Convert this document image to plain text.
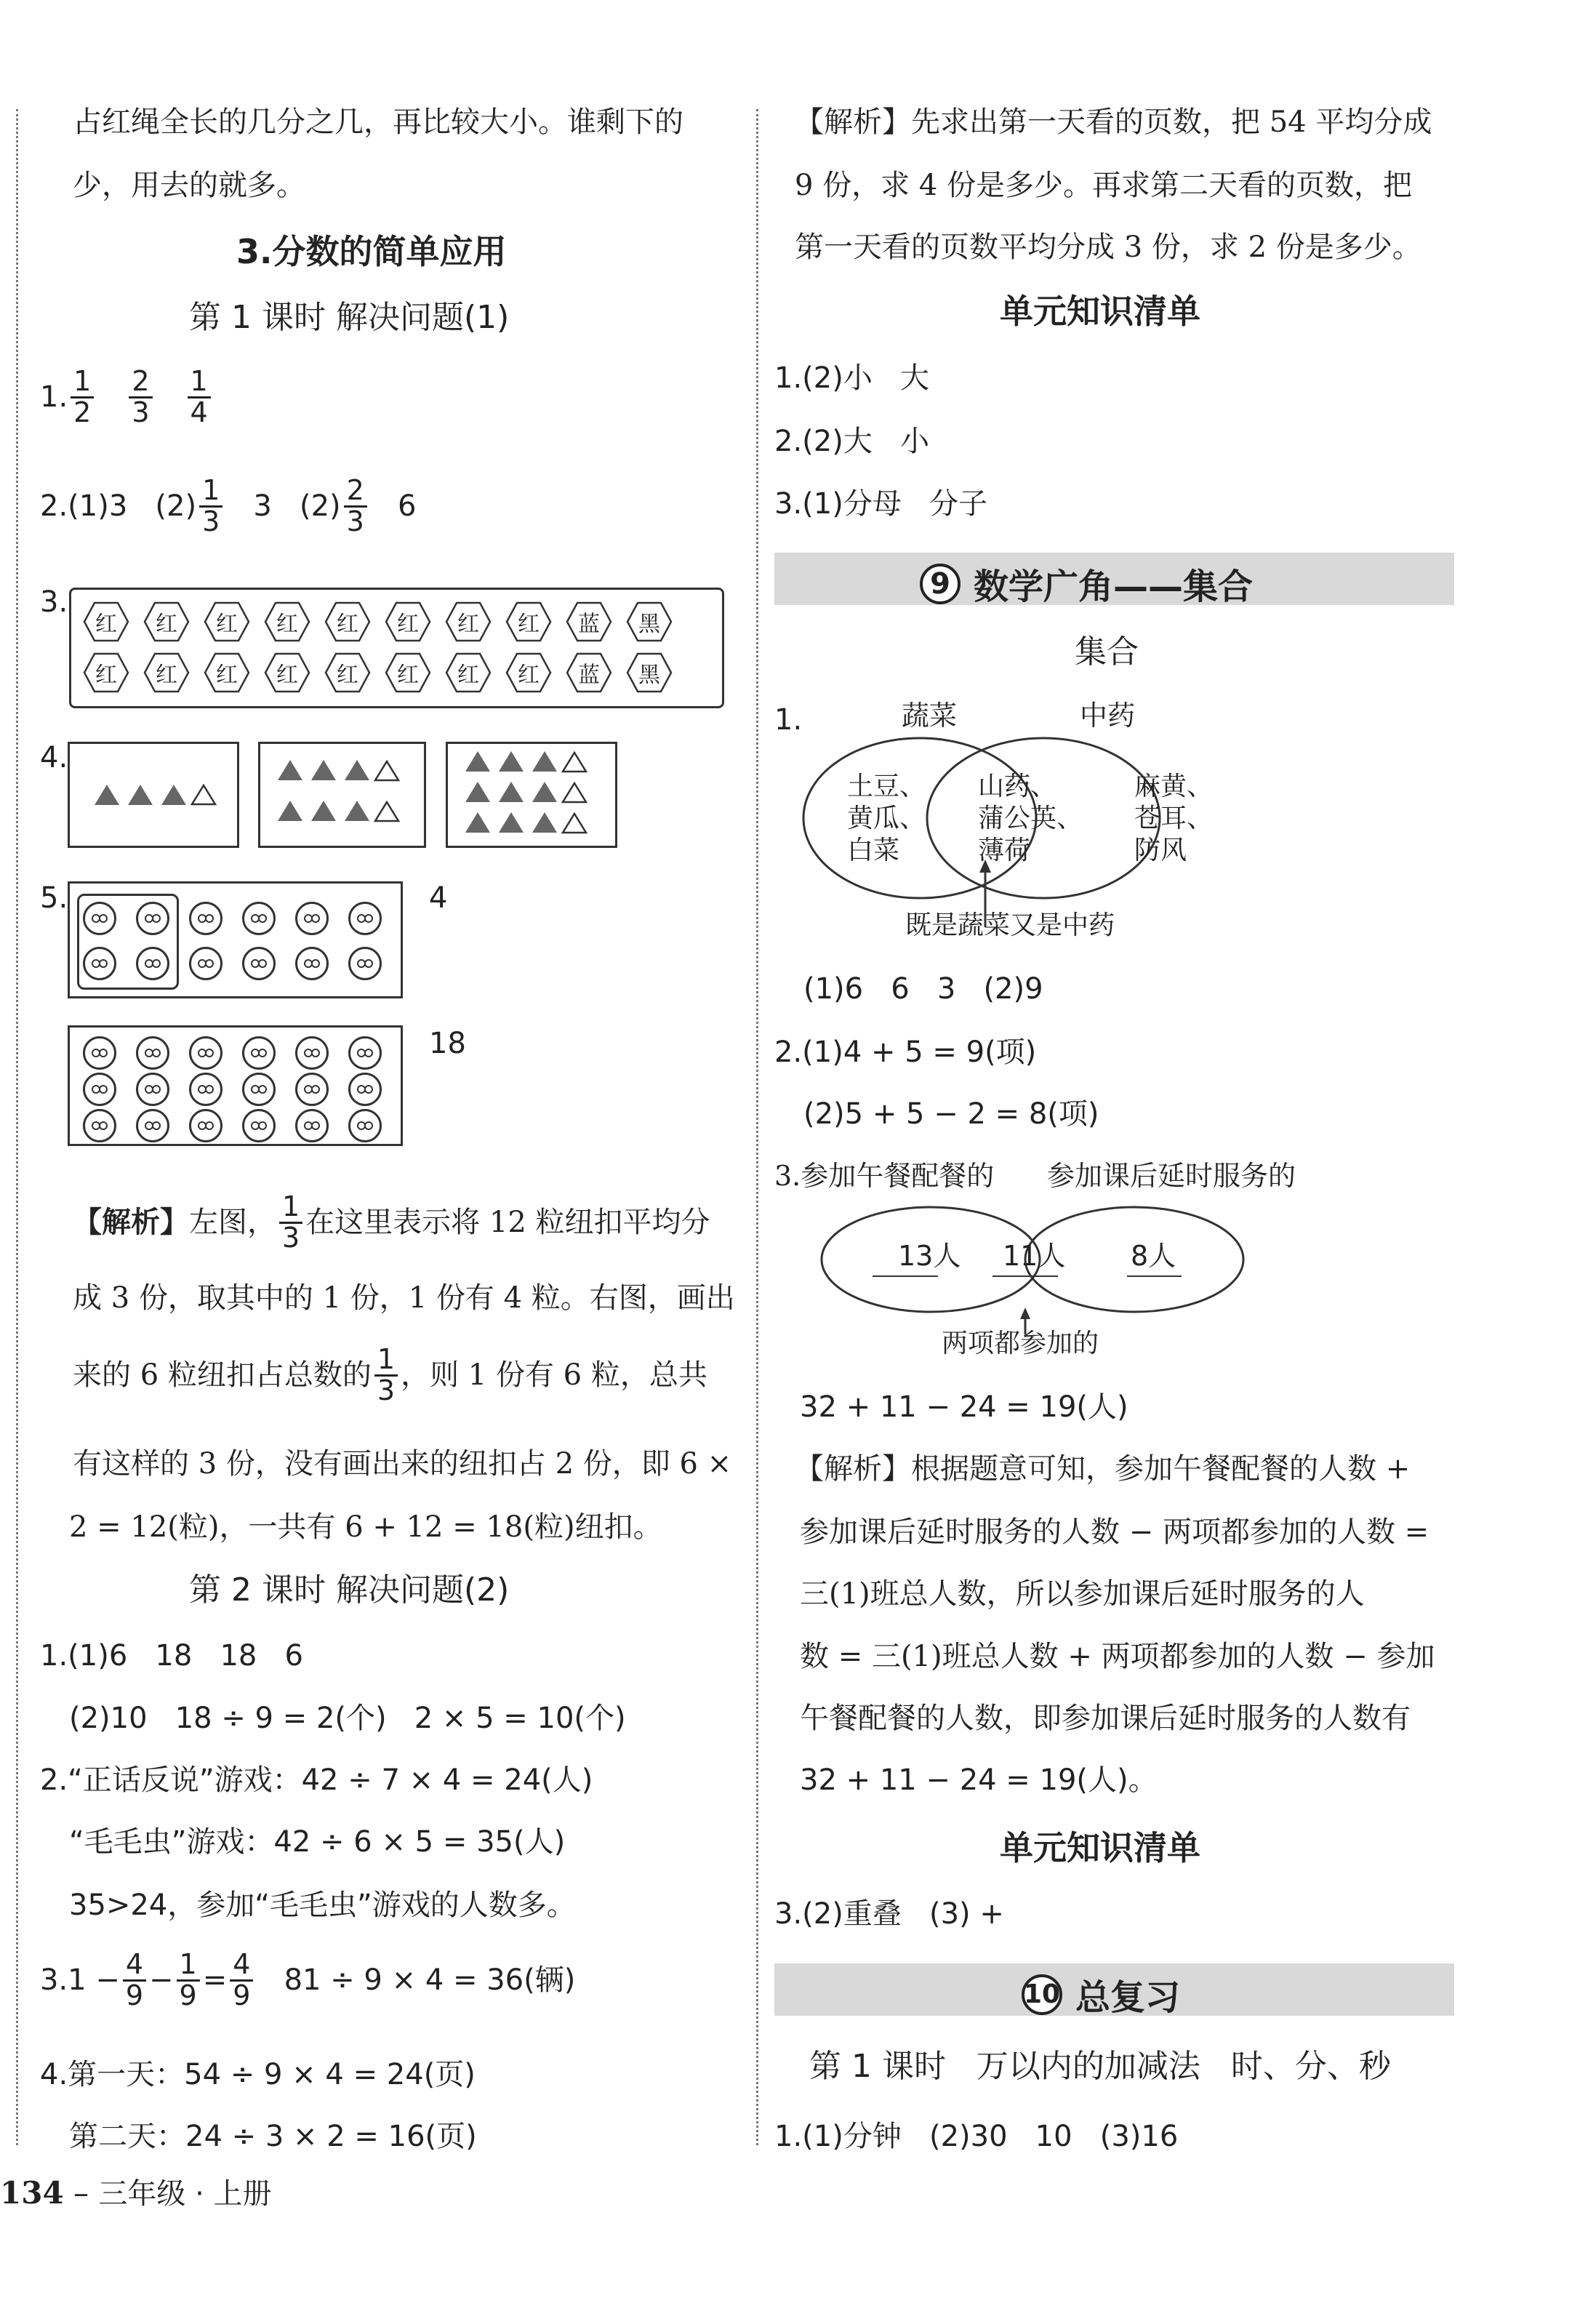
占红绳全长的几分之几，再比较大小。谁剩下的
少，用去的就多。
3.分数的简单应用
第 1 课时 解决问题(1)
1. $\frac{1}{2} \frac{2}{3} \frac{1}{4}$
2.(1)3   $(2) \frac{1}{3} 3$   $(2) \frac{2}{3} 6$
3.
红 红 红 红 红 红 红 红 蓝 黑
红 红 红 红 红 红 红 红 蓝 黑
4.
5.	4
18
【解析】 左图， $\frac{1}{3}$ 在这里表示将 12 粒纽扣平均分
成 3 份，取其中的 1 份，1 份有 4 粒。右图，画出
来的 6 粒纽扣占总数的 $\frac{1}{3}$ ，则 1 份有 6 粒，总共
有这样的 3 份，没有画出来的纽扣占 2 份，即 6 ×
2 = 12(粒)，一共有 6 + 12 = 18(粒)纽扣。
第 2 课时 解决问题(2)
1.(1)6   18   18   6
(2)10   18 ÷ 9 = 2(个)   2 × 5 = 10(个)
2.“正话反说”游戏：42 ÷ 7 × 4 = 24(人)
“毛毛虫”游戏：42 ÷ 6 × 5 = 35(人)
35>24，参加“毛毛虫”游戏的人数多。
$3.1 - \frac{4}{9} - \frac{1}{9} = \frac{4}{9} 81 \div 9 \times 4 = 36$(辆)
4.第一天：54 ÷ 9 × 4 = 24(页)
第二天：24 ÷ 3 × 2 = 16(页)
【解析】先求出第一天看的页数，把 54 平均分成
9 份，求 4 份是多少。再求第二天看的页数，把
第一天看的页数平均分成 3 份，求 2 份是多少。
单元知识清单
1.(2)小   大
2.(2)大   小
3.(1)分母   分子
9 数学广角——集合
集合
1.	蔬菜	中药
土豆、
黄瓜、
白菜
山药、
蒲公英、
薄荷
麻黄、
苍耳、
防风
既是蔬菜又是中药
(1)6   6   3   (2)9
2.(1)4 + 5 = 9(项)
(2)5 + 5 − 2 = 8(项)
3.参加午餐配餐的 参加课后延时服务的
13人 11人 8人
两项都参加的
32 + 11 − 24 = 19(人)
【解析】根据题意可知，参加午餐配餐的人数 +
参加课后延时服务的人数 − 两项都参加的人数 =
三(1)班总人数，所以参加课后延时服务的人
数 = 三(1)班总人数 + 两项都参加的人数 − 参加
午餐配餐的人数，即参加课后延时服务的人数有
32 + 11 − 24 = 19(人)。
单元知识清单
3.(2)重叠   (3) +
10 总复习
第 1 课时   万以内的加减法   时、分、秒
1.(1)分钟   (2)30   10   (3)16
134 – 三年级 · 上册
